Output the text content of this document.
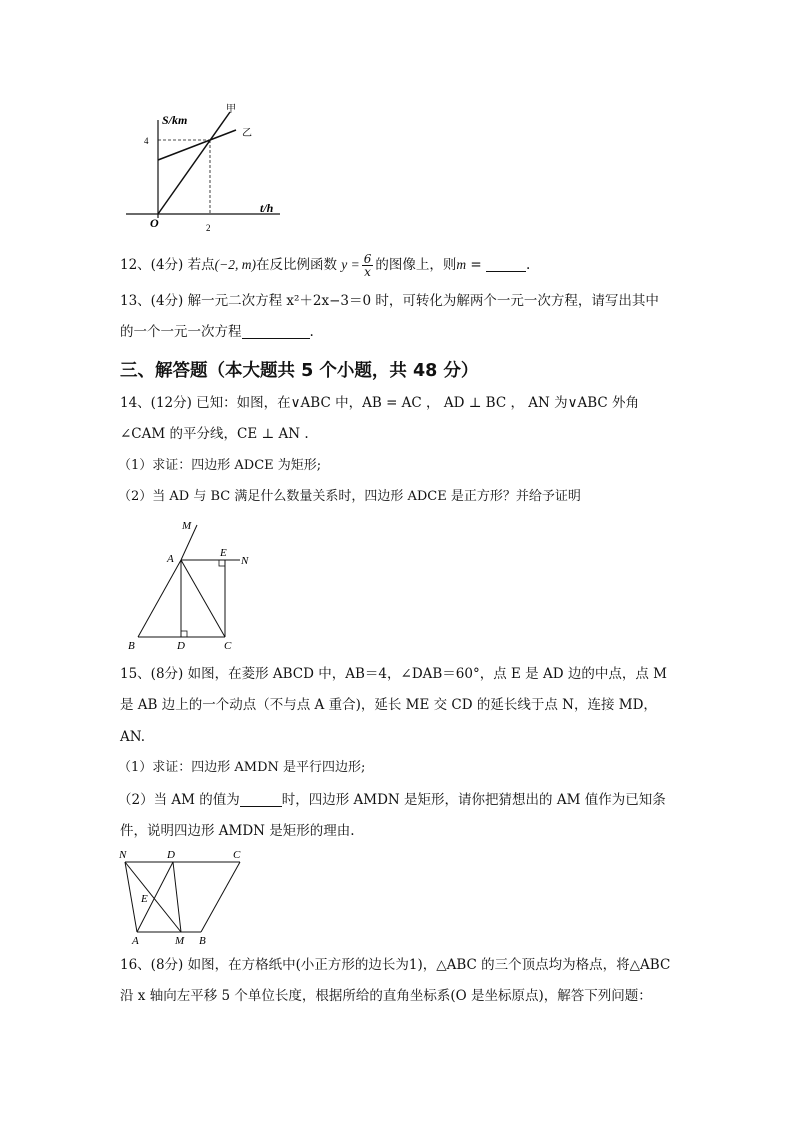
S/km
t/h
O
甲
乙
4
2
12、(4分) 若点(−2, m)在反比例函数 $y = \frac{6}{x}$ 的图像上，则m =	.
13、(4分) 解一元二次方程 x²＋2x−3＝0 时，可转化为解两个一元一次方程，请写出其中
的一个一元一次方程	.
三、解答题（本大题共 5 个小题，共 48 分）
14、(12分) 已知：如图，在∨ABC 中，AB = AC ， AD ⊥ BC ， AN 为∨ABC 外角
∠CAM 的平分线，CE ⊥ AN .
（1）求证：四边形 ADCE 为矩形;
（2）当 AD 与 BC 满足什么数量关系时，四边形 ADCE 是正方形？并给予证明
M
A	E
N
B	D	C
15、(8分) 如图，在菱形 ABCD 中，AB＝4，∠DAB＝60°，点 E 是 AD 边的中点，点 M
是 AB 边上的一个动点（不与点 A 重合)，延长 ME 交 CD 的延长线于点 N，连接 MD，
AN.
（1）求证：四边形 AMDN 是平行四边形;
（2）当 AM 的值为	时，四边形 AMDN 是矩形，请你把猜想出的 AM 值作为已知条
件，说明四边形 AMDN 是矩形的理由.
N	D	C
E
A	M B
16、(8分) 如图，在方格纸中(小正方形的边长为1)，△ABC 的三个顶点均为格点，将△ABC
沿 x 轴向左平移 5 个单位长度，根据所给的直角坐标系(O 是坐标原点)，解答下列问题：
